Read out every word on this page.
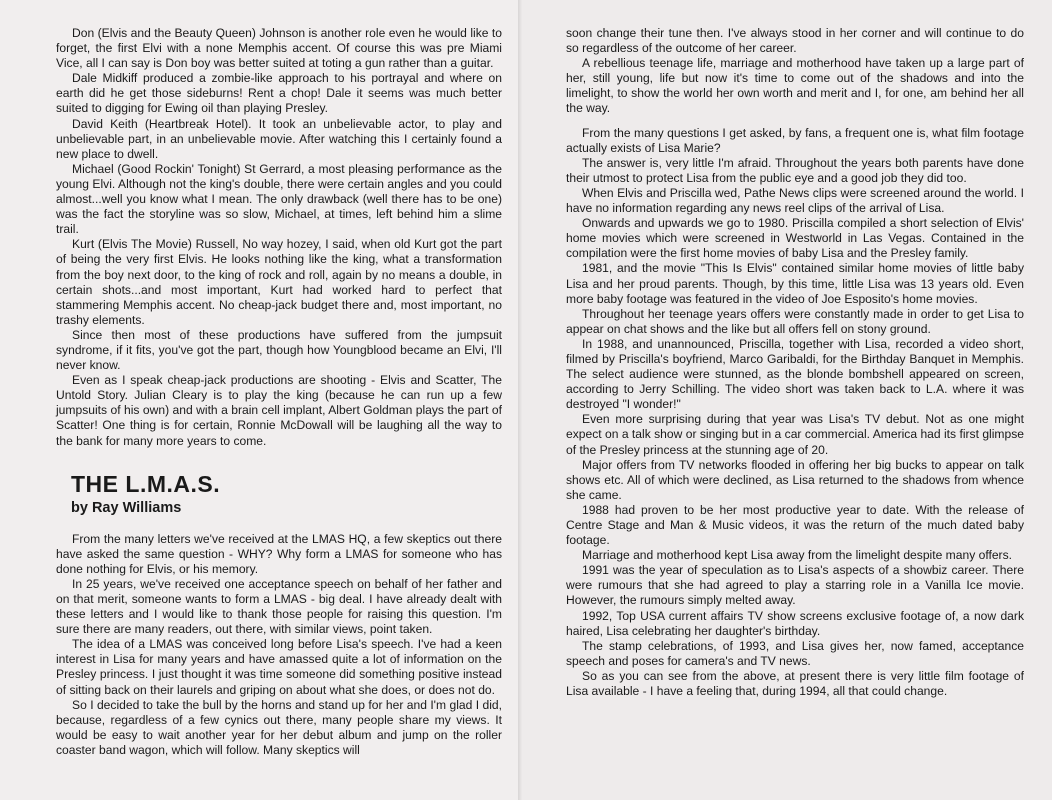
Don (Elvis and the Beauty Queen) Johnson is another role even he would like to forget, the first Elvi with a none Memphis accent. Of course this was pre Miami Vice, all I can say is Don boy was better suited at toting a gun rather than a guitar.

Dale Midkiff produced a zombie-like approach to his portrayal and where on earth did he get those sideburns! Rent a chop! Dale it seems was much better suited to digging for Ewing oil than playing Presley.

David Keith (Heartbreak Hotel). It took an unbelievable actor, to play and unbelievable part, in an unbelievable movie. After watching this I certainly found a new place to dwell.

Michael (Good Rockin' Tonight) St Gerrard, a most pleasing performance as the young Elvi. Although not the king's double, there were certain angles and you could almost...well you know what I mean. The only drawback (well there has to be one) was the fact the storyline was so slow, Michael, at times, left behind him a slime trail.

Kurt (Elvis The Movie) Russell, No way hozey, I said, when old Kurt got the part of being the very first Elvis. He looks nothing like the king, what a transformation from the boy next door, to the king of rock and roll, again by no means a double, in certain shots...and most important, Kurt had worked hard to perfect that stammering Memphis accent. No cheap-jack budget there and, most important, no trashy elements.

Since then most of these productions have suffered from the jumpsuit syndrome, if it fits, you've got the part, though how Youngblood became an Elvi, I'll never know.

Even as I speak cheap-jack productions are shooting - Elvis and Scatter, The Untold Story. Julian Cleary is to play the king (because he can run up a few jumpsuits of his own) and with a brain cell implant, Albert Goldman plays the part of Scatter! One thing is for certain, Ronnie McDowall will be laughing all the way to the bank for many more years to come.

THE L.M.A.S.

by Ray Williams

From the many letters we've received at the LMAS HQ, a few skeptics out there have asked the same question - WHY? Why form a LMAS for someone who has done nothing for Elvis, or his memory.

In 25 years, we've received one acceptance speech on behalf of her father and on that merit, someone wants to form a LMAS - big deal. I have already dealt with these letters and I would like to thank those people for raising this question. I'm sure there are many readers, out there, with similar views, point taken.

The idea of a LMAS was conceived long before Lisa's speech. I've had a keen interest in Lisa for many years and have amassed quite a lot of information on the Presley princess. I just thought it was time someone did something positive instead of sitting back on their laurels and griping on about what she does, or does not do.

So I decided to take the bull by the horns and stand up for her and I'm glad I did, because, regardless of a few cynics out there, many people share my views. It would be easy to wait another year for her debut album and jump on the roller coaster band wagon, which will follow. Many skeptics will

soon change their tune then. I've always stood in her corner and will continue to do so regardless of the outcome of her career.

A rebellious teenage life, marriage and motherhood have taken up a large part of her, still young, life but now it's time to come out of the shadows and into the limelight, to show the world her own worth and merit and I, for one, am behind her all the way.

From the many questions I get asked, by fans, a frequent one is, what film footage actually exists of Lisa Marie?

The answer is, very little I'm afraid. Throughout the years both parents have done their utmost to protect Lisa from the public eye and a good job they did too.

When Elvis and Priscilla wed, Pathe News clips were screened around the world. I have no information regarding any news reel clips of the arrival of Lisa.

Onwards and upwards we go to 1980. Priscilla compiled a short selection of Elvis' home movies which were screened in Westworld in Las Vegas. Contained in the compilation were the first home movies of baby Lisa and the Presley family.

1981, and the movie "This Is Elvis" contained similar home movies of little baby Lisa and her proud parents. Though, by this time, little Lisa was 13 years old. Even more baby footage was featured in the video of Joe Esposito's home movies.

Throughout her teenage years offers were constantly made in order to get Lisa to appear on chat shows and the like but all offers fell on stony ground.

In 1988, and unannounced, Priscilla, together with Lisa, recorded a video short, filmed by Priscilla's boyfriend, Marco Garibaldi, for the Birthday Banquet in Memphis. The select audience were stunned, as the blonde bombshell appeared on screen, according to Jerry Schilling. The video short was taken back to L.A. where it was destroyed "I wonder!"

Even more surprising during that year was Lisa's TV debut. Not as one might expect on a talk show or singing but in a car commercial. America had its first glimpse of the Presley princess at the stunning age of 20.

Major offers from TV networks flooded in offering her big bucks to appear on talk shows etc. All of which were declined, as Lisa returned to the shadows from whence she came.

1988 had proven to be her most productive year to date. With the release of Centre Stage and Man & Music videos, it was the return of the much dated baby footage.

Marriage and motherhood kept Lisa away from the limelight despite many offers.

1991 was the year of speculation as to Lisa's aspects of a showbiz career. There were rumours that she had agreed to play a starring role in a Vanilla Ice movie. However, the rumours simply melted away.

1992, Top USA current affairs TV show screens exclusive footage of, a now dark haired, Lisa celebrating her daughter's birthday.

The stamp celebrations, of 1993, and Lisa gives her, now famed, acceptance speech and poses for camera's and TV news.

So as you can see from the above, at present there is very little film footage of Lisa available - I have a feeling that, during 1994, all that could change.
